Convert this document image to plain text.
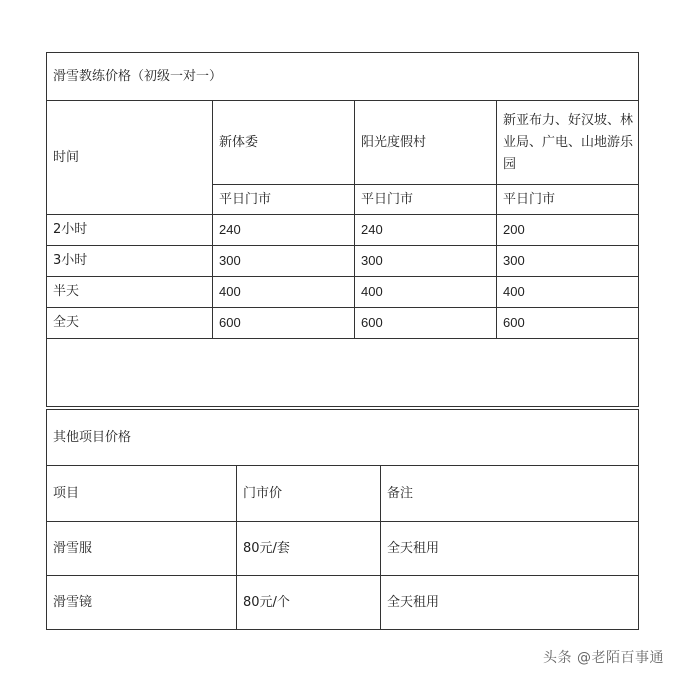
滑雪教练价格（初级一对一）			
时间	新体委	阳光度假村	新亚布力、好汉坡、林业局、广电、山地游乐园
	平日门市	平日门市	平日门市
2小时	240	240	200
3小时	300	300	300
半天	400	400	400
全天	600	600	600

其他项目价格		
项目	门市价	备注
滑雪服	80元/套	全天租用
滑雪镜	80元/个	全天租用
头条 @老陌百事通
